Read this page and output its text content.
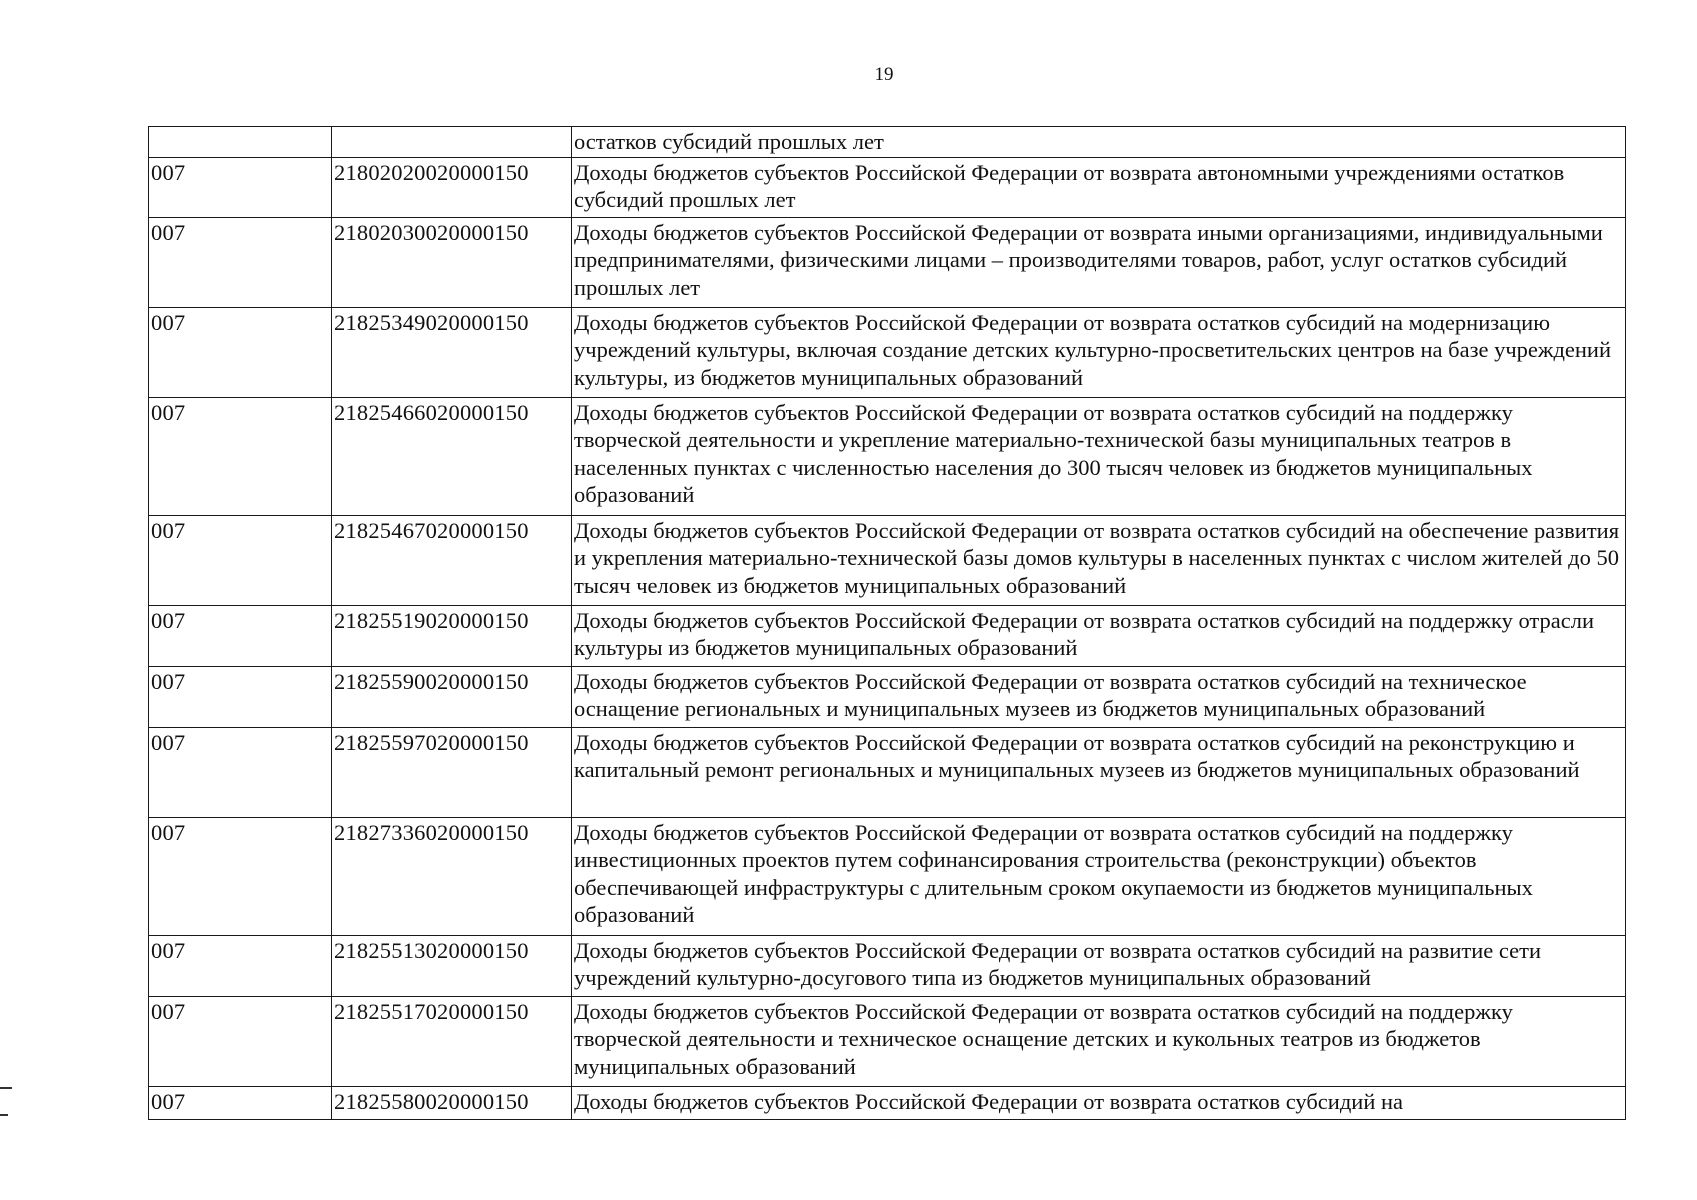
19
		остатков субсидий прошлых лет
007	21802020020000150	Доходы бюджетов субъектов Российской Федерации от возврата автономными учреждениями остатков субсидий прошлых лет
007	21802030020000150	Доходы бюджетов субъектов Российской Федерации от возврата иными организациями, индивидуальными предпринимателями, физическими лицами – производителями товаров, работ, услуг остатков субсидий прошлых лет
007	21825349020000150	Доходы бюджетов субъектов Российской Федерации от возврата остатков субсидий на модернизацию учреждений культуры, включая создание детских культурно-просветительских центров на базе учреждений культуры, из бюджетов муниципальных образований
007	21825466020000150	Доходы бюджетов субъектов Российской Федерации от возврата остатков субсидий на поддержку творческой деятельности и укрепление материально-технической базы муниципальных театров в населенных пунктах с численностью населения до 300 тысяч человек из бюджетов муниципальных образований
007	21825467020000150	Доходы бюджетов субъектов Российской Федерации от возврата остатков субсидий на обеспечение развития и укрепления материально-технической базы домов культуры в населенных пунктах с числом жителей до 50 тысяч человек из бюджетов муниципальных образований
007	21825519020000150	Доходы бюджетов субъектов Российской Федерации от возврата остатков субсидий на поддержку отрасли культуры из бюджетов муниципальных образований
007	21825590020000150	Доходы бюджетов субъектов Российской Федерации от возврата остатков субсидий на техническое оснащение региональных и муниципальных музеев из бюджетов муниципальных образований
007	21825597020000150	Доходы бюджетов субъектов Российской Федерации от возврата остатков субсидий на реконструкцию и капитальный ремонт региональных и муниципальных музеев из бюджетов муниципальных образований
007	21827336020000150	Доходы бюджетов субъектов Российской Федерации от возврата остатков субсидий на поддержку инвестиционных проектов путем софинансирования строительства (реконструкции) объектов обеспечивающей инфраструктуры с длительным сроком окупаемости из бюджетов муниципальных образований
007	21825513020000150	Доходы бюджетов субъектов Российской Федерации от возврата остатков субсидий на развитие сети учреждений культурно-досугового типа из бюджетов муниципальных образований
007	21825517020000150	Доходы бюджетов субъектов Российской Федерации от возврата остатков субсидий на поддержку творческой деятельности и техническое оснащение детских и кукольных театров из бюджетов муниципальных образований
007	21825580020000150	Доходы бюджетов субъектов Российской Федерации от возврата остатков субсидий на
